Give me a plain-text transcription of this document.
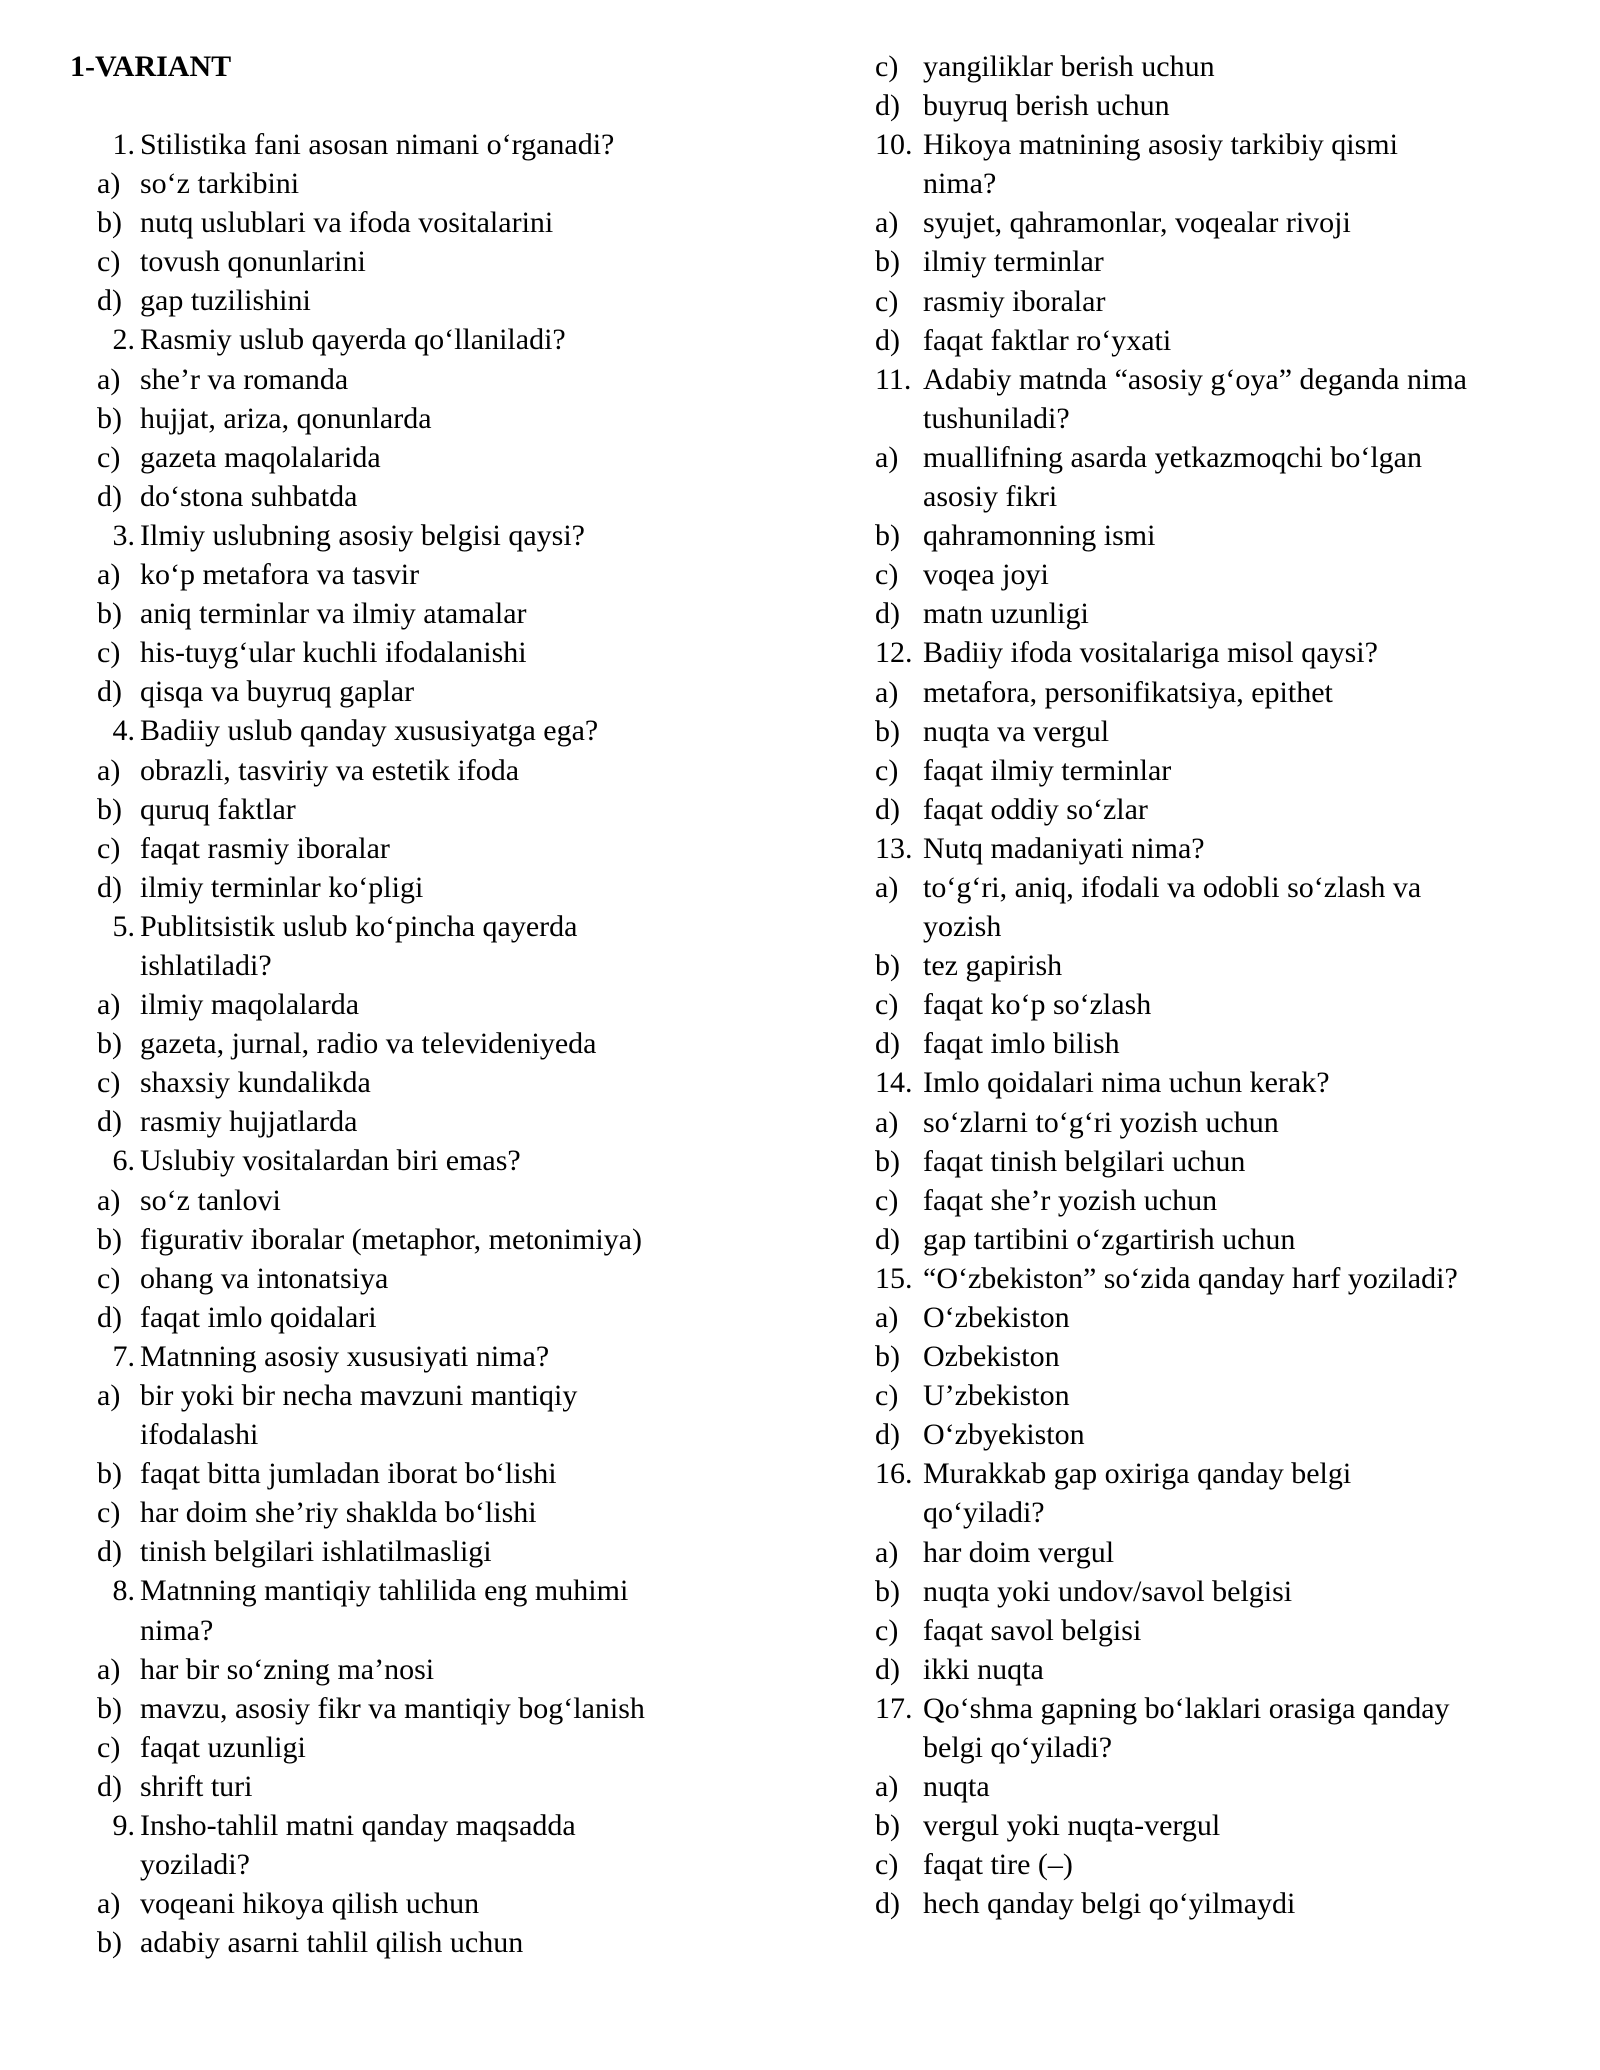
1-VARIANT
1. Stilistika fani asosan nimani o‘rganadi?
a) so‘z tarkibini
b) nutq uslublari va ifoda vositalarini
c) tovush qonunlarini
d) gap tuzilishini
2. Rasmiy uslub qayerda qo‘llaniladi?
a) she’r va romanda
b) hujjat, ariza, qonunlarda
c) gazeta maqolalarida
d) do‘stona suhbatda
3. Ilmiy uslubning asosiy belgisi qaysi?
a) ko‘p metafora va tasvir
b) aniq terminlar va ilmiy atamalar
c) his-tuyg‘ular kuchli ifodalanishi
d) qisqa va buyruq gaplar
4. Badiiy uslub qanday xususiyatga ega?
a) obrazli, tasviriy va estetik ifoda
b) quruq faktlar
c) faqat rasmiy iboralar
d) ilmiy terminlar ko‘pligi
5. Publitsistik uslub ko‘pincha qayerda
ishlatiladi?
a) ilmiy maqolalarda
b) gazeta, jurnal, radio va televideniyeda
c) shaxsiy kundalikda
d) rasmiy hujjatlarda
6. Uslubiy vositalardan biri emas?
a) so‘z tanlovi
b) figurativ iboralar (metaphor, metonimiya)
c) ohang va intonatsiya
d) faqat imlo qoidalari
7. Matnning asosiy xususiyati nima?
a) bir yoki bir necha mavzuni mantiqiy
ifodalashi
b) faqat bitta jumladan iborat bo‘lishi
c) har doim she’riy shaklda bo‘lishi
d) tinish belgilari ishlatilmasligi
8. Matnning mantiqiy tahlilida eng muhimi
nima?
a) har bir so‘zning ma’nosi
b) mavzu, asosiy fikr va mantiqiy bog‘lanish
c) faqat uzunligi
d) shrift turi
9. Insho-tahlil matni qanday maqsadda
yoziladi?
a) voqeani hikoya qilish uchun
b) adabiy asarni tahlil qilish uchun
c) yangiliklar berish uchun
d) buyruq berish uchun
10. Hikoya matnining asosiy tarkibiy qismi
nima?
a) syujet, qahramonlar, voqealar rivoji
b) ilmiy terminlar
c) rasmiy iboralar
d) faqat faktlar ro‘yxati
11. Adabiy matnda “asosiy g‘oya” deganda nima
tushuniladi?
a) muallifning asarda yetkazmoqchi bo‘lgan
asosiy fikri
b) qahramonning ismi
c) voqea joyi
d) matn uzunligi
12. Badiiy ifoda vositalariga misol qaysi?
a) metafora, personifikatsiya, epithet
b) nuqta va vergul
c) faqat ilmiy terminlar
d) faqat oddiy so‘zlar
13. Nutq madaniyati nima?
a) to‘g‘ri, aniq, ifodali va odobli so‘zlash va
yozish
b) tez gapirish
c) faqat ko‘p so‘zlash
d) faqat imlo bilish
14. Imlo qoidalari nima uchun kerak?
a) so‘zlarni to‘g‘ri yozish uchun
b) faqat tinish belgilari uchun
c) faqat she’r yozish uchun
d) gap tartibini o‘zgartirish uchun
15. “O‘zbekiston” so‘zida qanday harf yoziladi?
a) O‘zbekiston
b) Ozbekiston
c) U’zbekiston
d) O‘zbyekiston
16. Murakkab gap oxiriga qanday belgi
qo‘yiladi?
a) har doim vergul
b) nuqta yoki undov/savol belgisi
c) faqat savol belgisi
d) ikki nuqta
17. Qo‘shma gapning bo‘laklari orasiga qanday
belgi qo‘yiladi?
a) nuqta
b) vergul yoki nuqta-vergul
c) faqat tire (–)
d) hech qanday belgi qo‘yilmaydi
